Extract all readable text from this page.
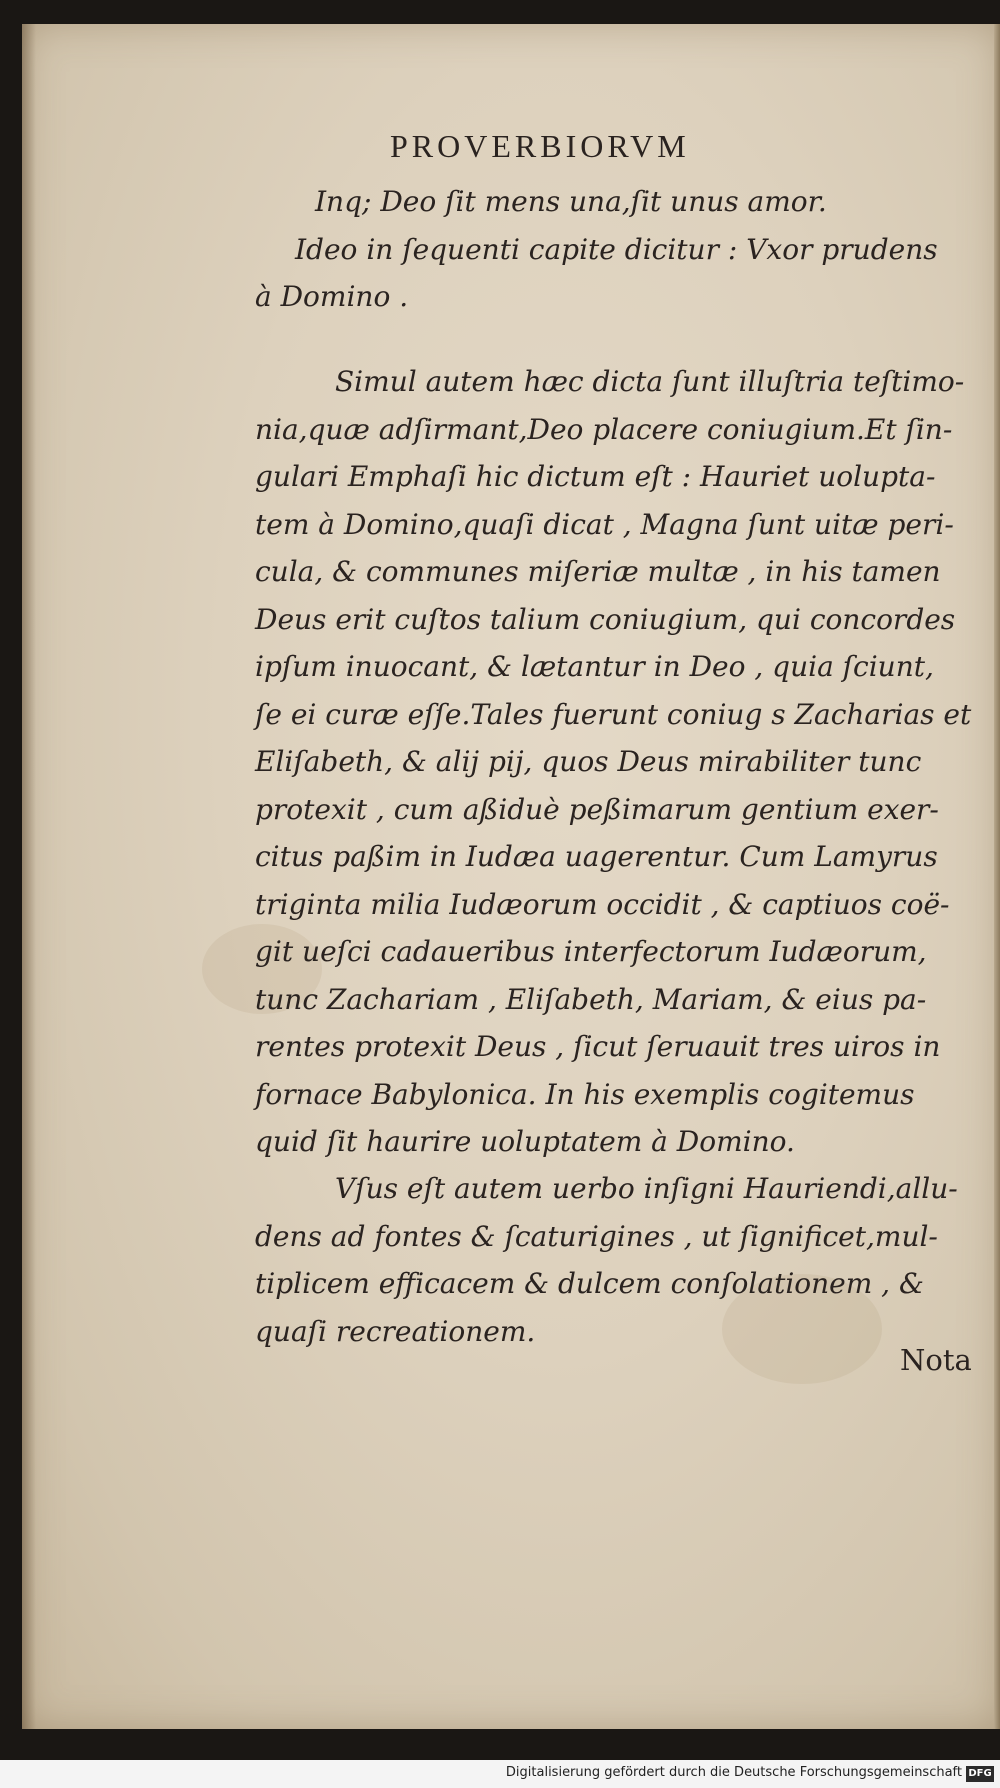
PROVERBIORVM
Inq; Deo ſit mens una,ſit unus amor.
Ideo in ſequenti capite dicitur : Vxor prudens
à Domino .
Simul autem hæc dicta ſunt illuſtria teſtimo-
nia,quæ adſirmant,Deo placere coniugium.Et ſin-
gulari Emphaſi hic dictum eſt : Hauriet uolupta-
tem à Domino,quaſi dicat , Magna ſunt uitæ peri-
cula, & communes miſeriæ multæ , in his tamen
Deus erit cuſtos talium coniugium, qui concordes
ipſum inuocant, & lætantur in Deo , quia ſciunt,
ſe ei curæ eſſe.Tales fuerunt coniug s Zacharias et
Eliſabeth, & alij pij, quos Deus mirabiliter tunc
protexit , cum aßiduè peßimarum gentium exer-
citus paßim in Iudæa uagerentur. Cum Lamyrus
triginta milia Iudæorum occidit , & captiuos coë-
git ueſci cadaueribus interfectorum Iudæorum,
tunc Zachariam , Eliſabeth, Mariam, & eius pa-
rentes protexit Deus , ſicut ſeruauit tres uiros in
fornace Babylonica. In his exemplis cogitemus
quid ſit haurire uoluptatem à Domino.
Vſus eſt autem uerbo inſigni Hauriendi,allu-
dens ad fontes & ſcaturigines , ut ſignificet,mul-
tiplicem efficacem & dulcem conſolationem , &
quaſi recreationem.
Nota
Digitalisierung gefördert durch die Deutsche Forschungsgemeinschaft DFG
